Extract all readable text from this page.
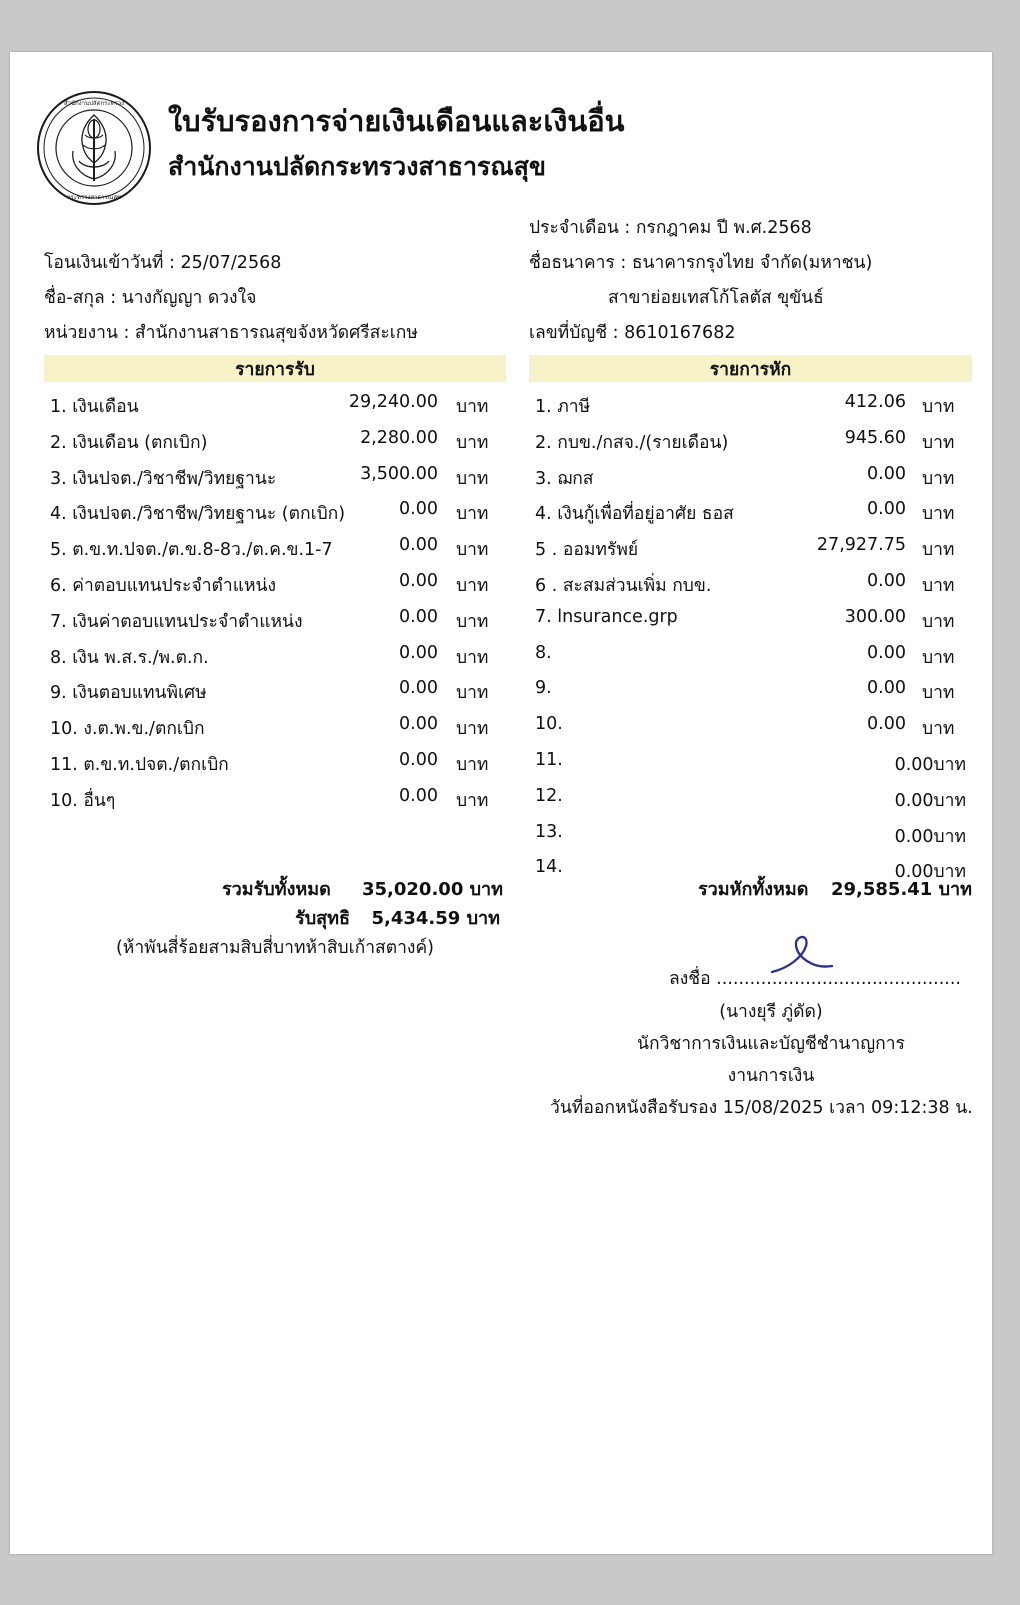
สำนักงานปลัดกระทรวง
กระทรวงสาธารณสุข
ใบรับรองการจ่ายเงินเดือนและเงินอื่น
สำนักงานปลัดกระทรวงสาธารณสุข
โอนเงินเข้าวันที่ : 25/07/2568
ชื่อ-สกุล : นางกัญญา ดวงใจ
หน่วยงาน : สำนักงานสาธารณสุขจังหวัดศรีสะเกษ
ประจำเดือน : กรกฎาคม ปี พ.ศ.2568
ชื่อธนาคาร : ธนาคารกรุงไทย จำกัด(มหาชน)
สาขาย่อยเทสโก้โลตัส ขุขันธ์
เลขที่บัญชี : 8610167682
รายการรับ	รายการหัก
1. เงินเดือน	29,240.00 บาท
2. เงินเดือน (ตกเบิก)	2,280.00 บาท
3. เงินปจต./วิชาชีพ/วิทยฐานะ	3,500.00 บาท
4. เงินปจต./วิชาชีพ/วิทยฐานะ (ตกเบิก)	0.00 บาท
5. ต.ข.ท.ปจต./ต.ข.8-8ว./ต.ค.ข.1-7	0.00 บาท
6. ค่าตอบแทนประจำตำแหน่ง	0.00 บาท
7. เงินค่าตอบแทนประจำตำแหน่ง	0.00 บาท
8. เงิน พ.ส.ร./พ.ต.ก.	0.00 บาท
9. เงินตอบแทนพิเศษ	0.00 บาท
10. ง.ต.พ.ข./ตกเบิก	0.00 บาท
11. ต.ข.ท.ปจต./ตกเบิก	0.00 บาท
10. อื่นๆ	0.00 บาท
1. ภาษี	412.06 บาท
2. กบข./กสจ./(รายเดือน)	945.60 บาท
3. ฌกส	0.00 บาท
4. เงินกู้เพื่อที่อยู่อาศัย ธอส	0.00 บาท
5 . ออมทรัพย์	27,927.75 บาท
6 . สะสมส่วนเพิ่ม กบข.	0.00 บาท
7. lnsurance.grp	300.00 บาท
8.	0.00 บาท
9.	0.00 บาท
10.	0.00 บาท
11.	0.00บาท
12.	0.00บาท
13.	0.00บาท
14.	0.00บาท
รวมรับทั้งหมด 35,020.00 บาท
รับสุทธิ	5,434.59 บาท
(ห้าพันสี่ร้อยสามสิบสี่บาทห้าสิบเก้าสตางค์)
รวมหักทั้งหมด 29,585.41 บาท
ลงชื่อ ............................................
(นางยุรี ภู่ดัด)
นักวิชาการเงินและบัญชีชำนาญการ
งานการเงิน
วันที่ออกหนังสือรับรอง 15/08/2025 เวลา 09:12:38 น.
